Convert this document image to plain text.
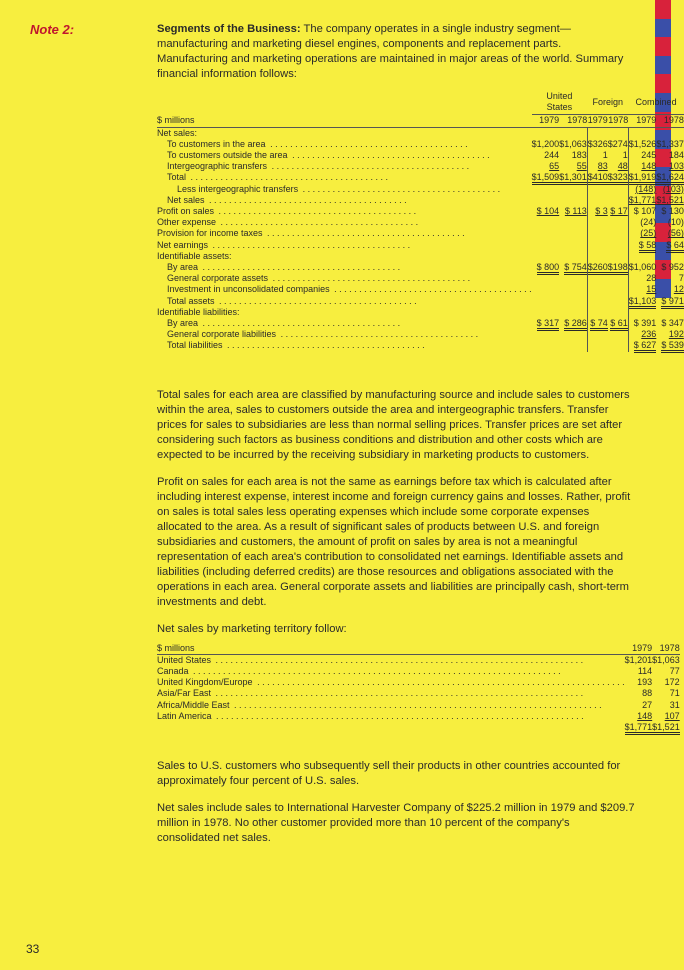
Note 2:	Segments of the Business: The company operates in a single industry segment—manufacturing and marketing diesel engines, components and replacement parts. Manufacturing and marketing operations are maintained in major areas of the world. Summary financial information follows:

	United States		Foreign		Combined	
$ millions	1979	1978	1979	1978	1979	1978
Net sales:						
To customers in the area . . . . . . . . . . . . . . . . . . . . . . . . . . . . . . . . . . . . . . . .	$1,200	$1,063	$326	$274	$1,526	$1,337
To customers outside the area . . . . . . . . . . . . . . . . . . . . . . . . . . . . . . . . . . . . . . . .	244	183	1	1	245	184
Intergeographic transfers . . . . . . . . . . . . . . . . . . . . . . . . . . . . . . . . . . . . . . . .	65	55	83	48	148	103
Total . . . . . . . . . . . . . . . . . . . . . . . . . . . . . . . . . . . . . . . .	$1,509	$1,301	$410	$323	$1,919	$1,624
Less intergeographic transfers . . . . . . . . . . . . . . . . . . . . . . . . . . . . . . . . . . . . . . . .					(148)	(103)
Net sales . . . . . . . . . . . . . . . . . . . . . . . . . . . . . . . . . . . . . . . .					$1,771	$1,521
Profit on sales . . . . . . . . . . . . . . . . . . . . . . . . . . . . . . . . . . . . . . . .	$ 104	$ 113	$ 3	$ 17	$ 107	$ 130
Other expense . . . . . . . . . . . . . . . . . . . . . . . . . . . . . . . . . . . . . . . .					(24)	(10)
Provision for income taxes . . . . . . . . . . . . . . . . . . . . . . . . . . . . . . . . . . . . . . . .					(25)	(56)
Net earnings . . . . . . . . . . . . . . . . . . . . . . . . . . . . . . . . . . . . . . . .					$ 58	$ 64
Identifiable assets:						
By area . . . . . . . . . . . . . . . . . . . . . . . . . . . . . . . . . . . . . . . .	$ 800	$ 754	$260	$198	$1,060	$ 952
General corporate assets . . . . . . . . . . . . . . . . . . . . . . . . . . . . . . . . . . . . . . . .					28	7
Investment in unconsolidated companies . . . . . . . . . . . . . . . . . . . . . . . . . . . . . . . . . . . . . . . .					15	12
Total assets . . . . . . . . . . . . . . . . . . . . . . . . . . . . . . . . . . . . . . . .					$1,103	$ 971
Identifiable liabilities:						
By area . . . . . . . . . . . . . . . . . . . . . . . . . . . . . . . . . . . . . . . .	$ 317	$ 286	$ 74	$ 61	$ 391	$ 347
General corporate liabilities . . . . . . . . . . . . . . . . . . . . . . . . . . . . . . . . . . . . . . . .					236	192
Total liabilities . . . . . . . . . . . . . . . . . . . . . . . . . . . . . . . . . . . . . . . .					$ 627	$ 539

Total sales for each area are classified by manufacturing source and include sales to customers within the area, sales to customers outside the area and intergeographic transfers. Transfer prices for sales to subsidiaries are less than normal selling prices. Transfer prices are set after considering such factors as business conditions and distribution and other costs which are expected to be incurred by the receiving subsidiary in marketing products to customers.

Profit on sales for each area is not the same as earnings before tax which is calculated after including interest expense, interest income and foreign currency gains and losses. Rather, profit on sales is total sales less operating expenses which include some corporate expenses allocated to the area. As a result of significant sales of products between U.S. and foreign subsidiaries and customers, the amount of profit on sales by area is not a meaningful representation of each area's contribution to consolidated net earnings. Identifiable assets and liabilities (including deferred credits) are those resources and obligations associated with the operations in each area. General corporate assets and liabilities are principally cash, short-term investments and debt.

Net sales by marketing territory follow:

$ millions	1979	1978
United States . . . . . . . . . . . . . . . . . . . . . . . . . . . . . . . . . . . . . . . . . . . . . . . . . . . . . . . . . . . . . . . . . . . . . . . . . .	$1,201	$1,063
Canada . . . . . . . . . . . . . . . . . . . . . . . . . . . . . . . . . . . . . . . . . . . . . . . . . . . . . . . . . . . . . . . . . . . . . . . . . .	114	77
United Kingdom/Europe . . . . . . . . . . . . . . . . . . . . . . . . . . . . . . . . . . . . . . . . . . . . . . . . . . . . . . . . . . . . . . . . . . . . . . . . . .	193	172
Asia/Far East . . . . . . . . . . . . . . . . . . . . . . . . . . . . . . . . . . . . . . . . . . . . . . . . . . . . . . . . . . . . . . . . . . . . . . . . . .	88	71
Africa/Middle East . . . . . . . . . . . . . . . . . . . . . . . . . . . . . . . . . . . . . . . . . . . . . . . . . . . . . . . . . . . . . . . . . . . . . . . . . .	27	31
Latin America . . . . . . . . . . . . . . . . . . . . . . . . . . . . . . . . . . . . . . . . . . . . . . . . . . . . . . . . . . . . . . . . . . . . . . . . . .	148	107
	$1,771	$1,521

Sales to U.S. customers who subsequently sell their products in other countries accounted for approximately four percent of U.S. sales.

Net sales include sales to International Harvester Company of $225.2 million in 1979 and $209.7 million in 1978. No other customer provided more than 10 percent of the company's consolidated net sales.

33
